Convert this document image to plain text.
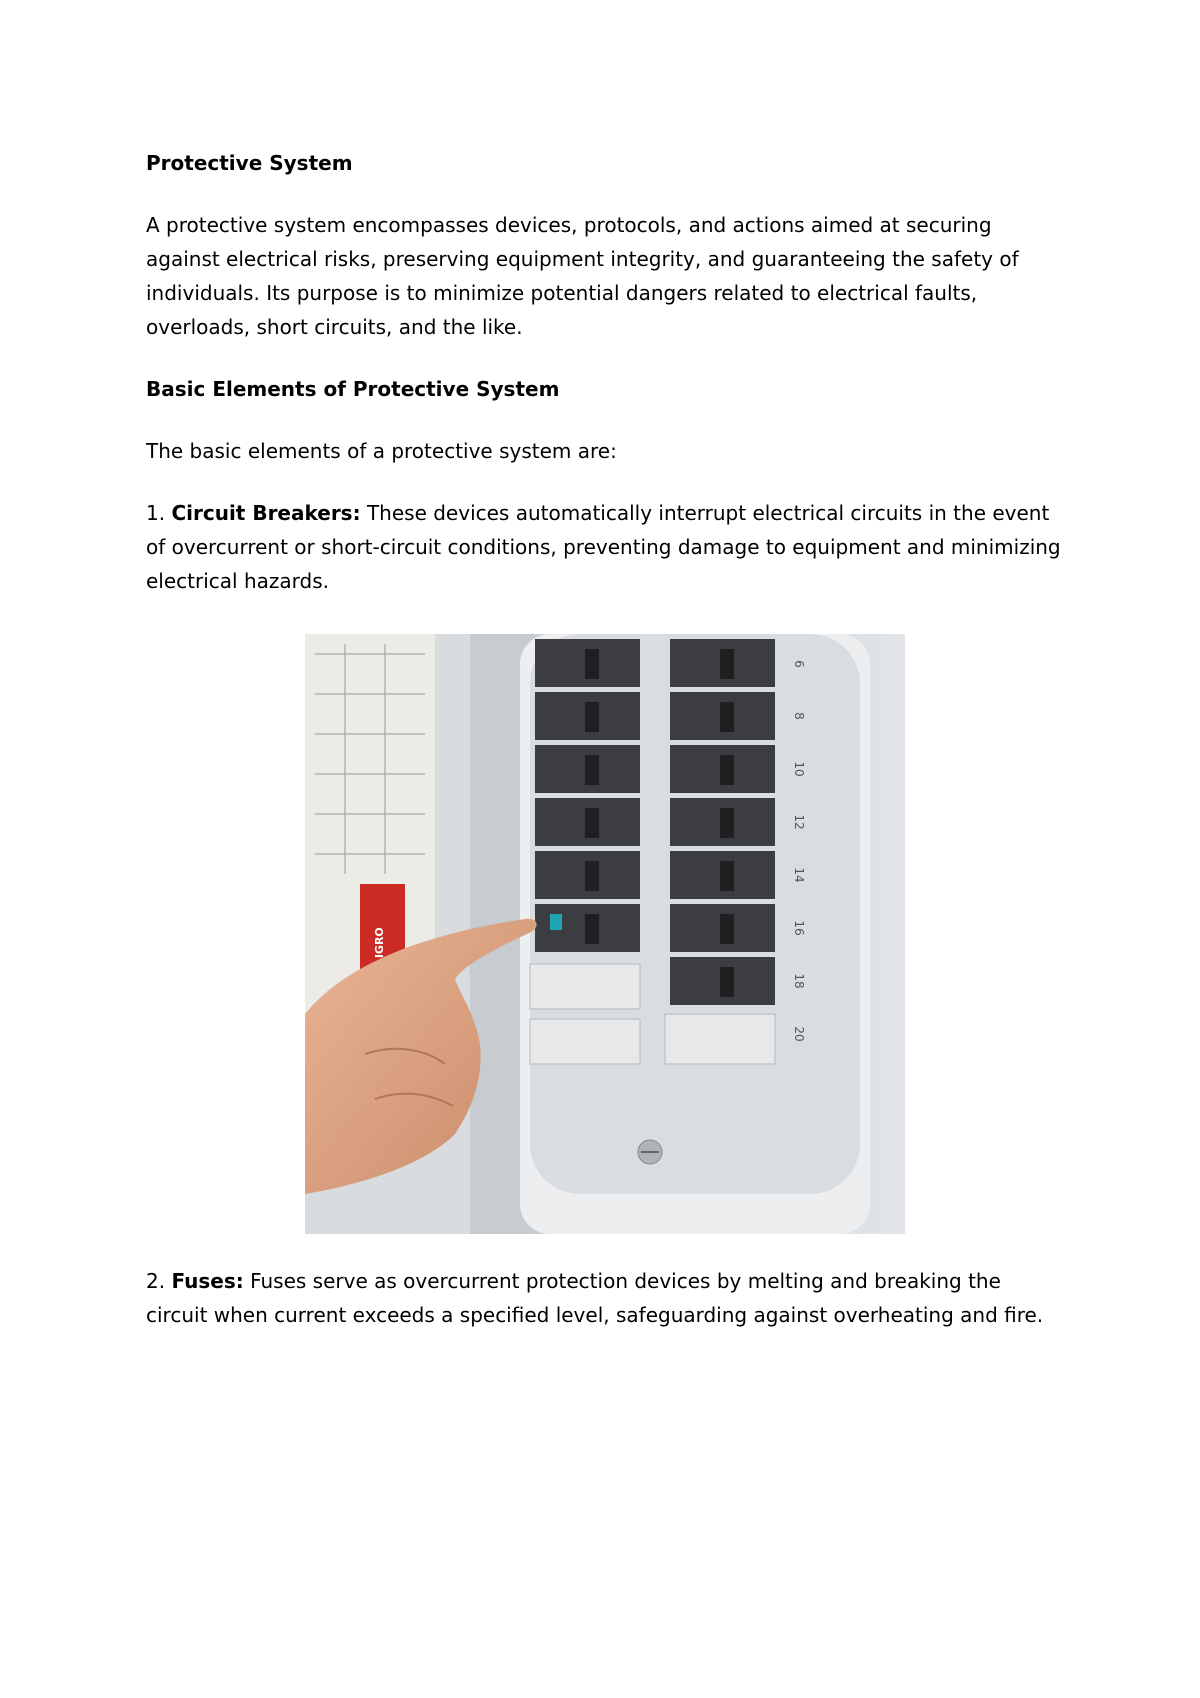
Protective System

A protective system encompasses devices, protocols, and actions aimed at securing against electrical risks, preserving equipment integrity, and guaranteeing the safety of individuals. Its purpose is to minimize potential dangers related to electrical faults, overloads, short circuits, and the like.

Basic Elements of Protective System

The basic elements of a protective system are:

1. Circuit Breakers: These devices automatically interrupt electrical circuits in the event of overcurrent or short-circuit conditions, preventing damage to equipment and minimizing electrical hazards.

PELIGRO
6
8
10
12
14
16
18
20

2. Fuses: Fuses serve as overcurrent protection devices by melting and breaking the circuit when current exceeds a specified level, safeguarding against overheating and fire.
